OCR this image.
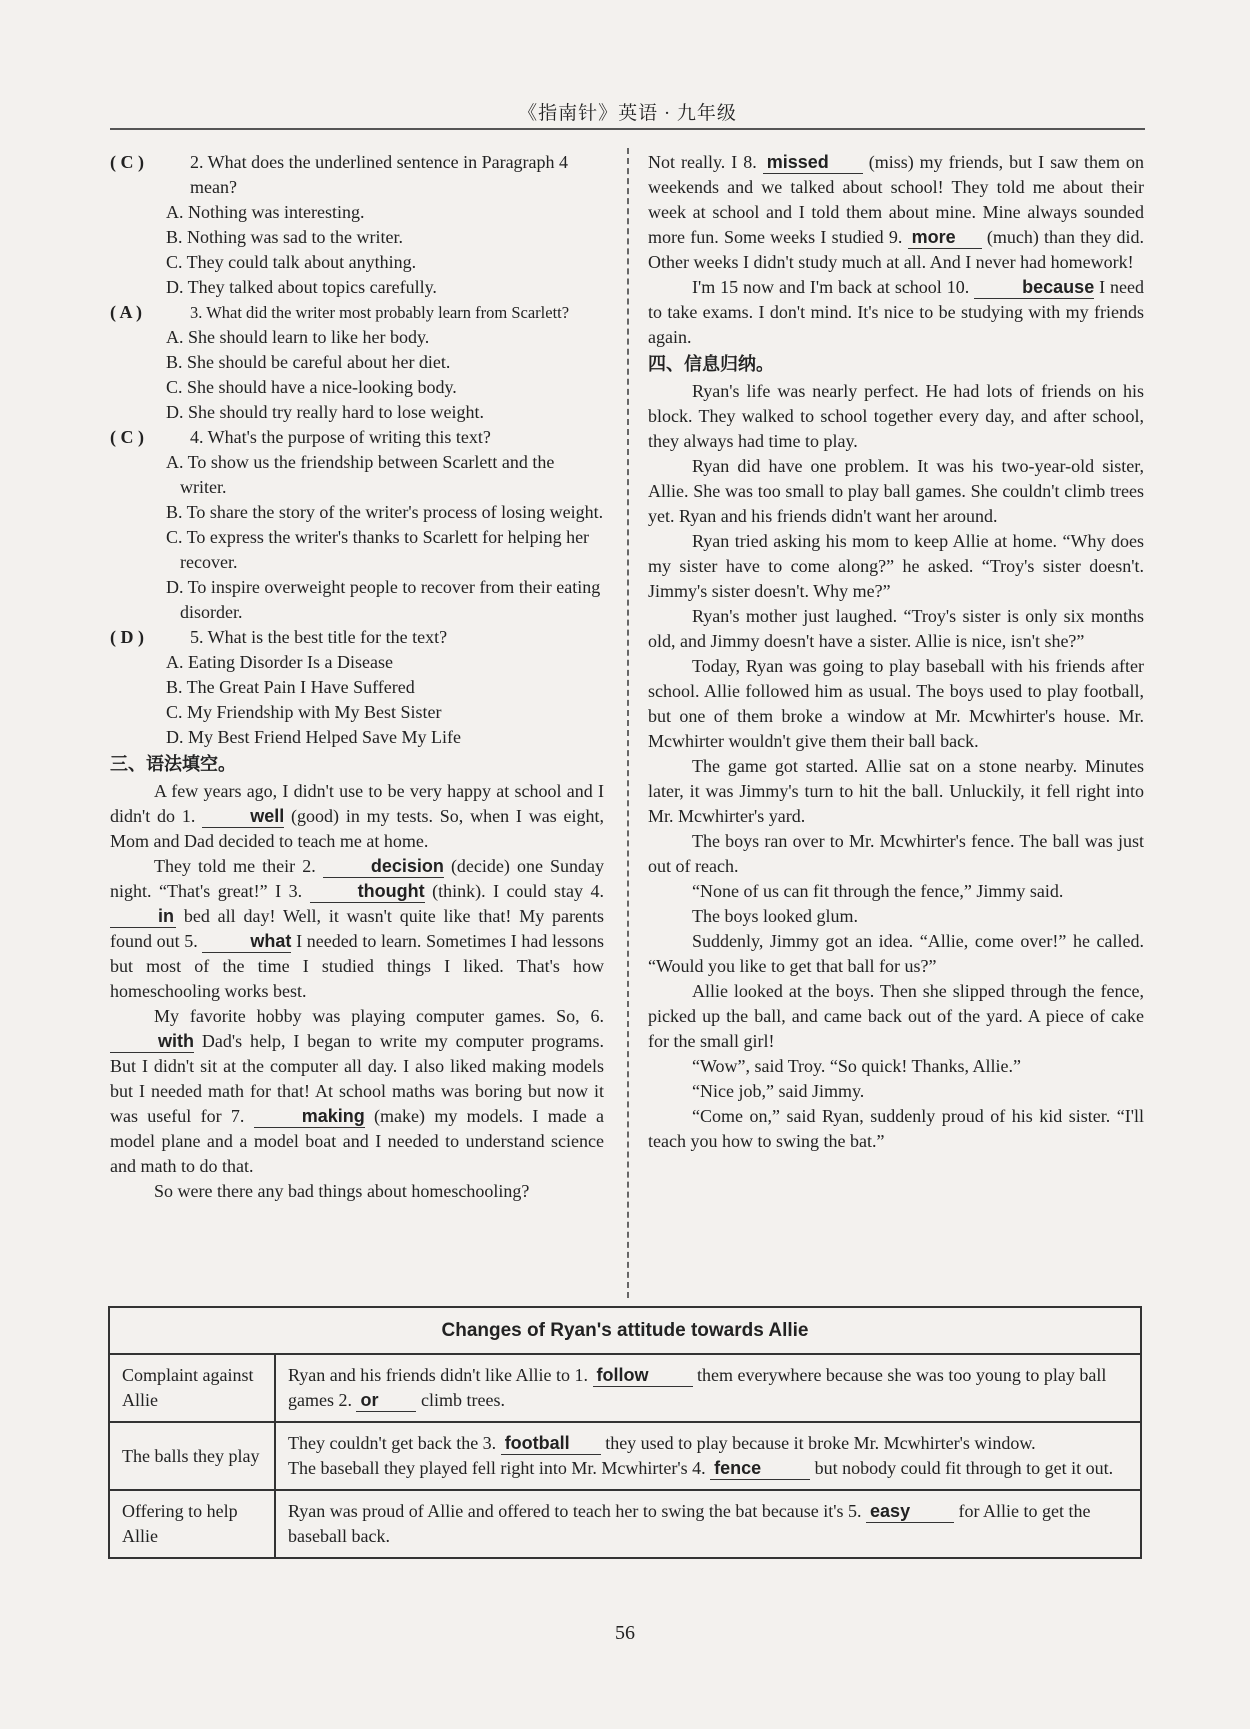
《指南针》英语 · 九年级
( C )	2. What does the underlined sentence in Paragraph 4 mean?
A. Nothing was interesting.
B. Nothing was sad to the writer.
C. They could talk about anything.
D. They talked about topics carefully.
( A )	3. What did the writer most probably learn from Scarlett?
A. She should learn to like her body.
B. She should be careful about her diet.
C. She should have a nice-looking body.
D. She should try really hard to lose weight.
( C )	4. What's the purpose of writing this text?
A. To show us the friendship between Scarlett and the writer.
B. To share the story of the writer's process of losing weight.
C. To express the writer's thanks to Scarlett for helping her recover.
D. To inspire overweight people to recover from their eating disorder.
( D )	5. What is the best title for the text?
A. Eating Disorder Is a Disease
B. The Great Pain I Have Suffered
C. My Friendship with My Best Sister
D. My Best Friend Helped Save My Life
三、语法填空。
A few years ago, I didn't use to be very happy at school and I didn't do 1.	well (good) in my tests. So, when I was eight, Mom and Dad decided to teach me at home.
They told me their 2.	decision (decide) one Sunday night. “That's great!” I 3.	thought (think). I could stay 4. in bed all day! Well, it wasn't quite like that! My parents found out 5.	what I needed to learn. Sometimes I had lessons but most of the time I studied things I liked. That's how homeschooling works best.
My favorite hobby was playing computer games. So, 6. with Dad's help, I began to write my computer programs. But I didn't sit at the computer all day. I also liked making models but I needed math for that! At school maths was boring but now it was useful for 7.	making (make) my models. I made a model plane and a model boat and I needed to understand science and math to do that.
So were there any bad things about homeschooling?
Not really. I 8. missed (miss) my friends, but I saw them on weekends and we talked about school! They told me about their week at school and I told them about mine. Mine always sounded more fun. Some weeks I studied 9. more (much) than they did. Other weeks I didn't study much at all. And I never had homework!
I'm 15 now and I'm back at school 10.	because I need to take exams. I don't mind. It's nice to be studying with my friends again.
四、信息归纳。
Ryan's life was nearly perfect. He had lots of friends on his block. They walked to school together every day, and after school, they always had time to play.
Ryan did have one problem. It was his two-year-old sister, Allie. She was too small to play ball games. She couldn't climb trees yet. Ryan and his friends didn't want her around.
Ryan tried asking his mom to keep Allie at home. “Why does my sister have to come along?” he asked. “Troy's sister doesn't. Jimmy's sister doesn't. Why me?”
Ryan's mother just laughed. “Troy's sister is only six months old, and Jimmy doesn't have a sister. Allie is nice, isn't she?”
Today, Ryan was going to play baseball with his friends after school. Allie followed him as usual. The boys used to play football, but one of them broke a window at Mr. Mcwhirter's house. Mr. Mcwhirter wouldn't give them their ball back.
The game got started. Allie sat on a stone nearby. Minutes later, it was Jimmy's turn to hit the ball. Unluckily, it fell right into Mr. Mcwhirter's yard.
The boys ran over to Mr. Mcwhirter's fence. The ball was just out of reach.
“None of us can fit through the fence,” Jimmy said.
The boys looked glum.
Suddenly, Jimmy got an idea. “Allie, come over!” he called. “Would you like to get that ball for us?”
Allie looked at the boys. Then she slipped through the fence, picked up the ball, and came back out of the yard. A piece of cake for the small girl!
“Wow”, said Troy. “So quick! Thanks, Allie.”
“Nice job,” said Jimmy.
“Come on,” said Ryan, suddenly proud of his kid sister. “I'll teach you how to swing the bat.”
Changes of Ryan's attitude towards Allie	
Complaint against Allie	Ryan and his friends didn't like Allie to 1. follow them everywhere because she was too young to play ball games 2. or climb trees.
The balls they play	They couldn't get back the 3. football they used to play because it broke Mr. Mcwhirter's window.
The baseball they played fell right into Mr. Mcwhirter's 4. fence but nobody could fit through to get it out.
Offering to help Allie	Ryan was proud of Allie and offered to teach her to swing the bat because it's 5. easy for Allie to get the baseball back.
56
